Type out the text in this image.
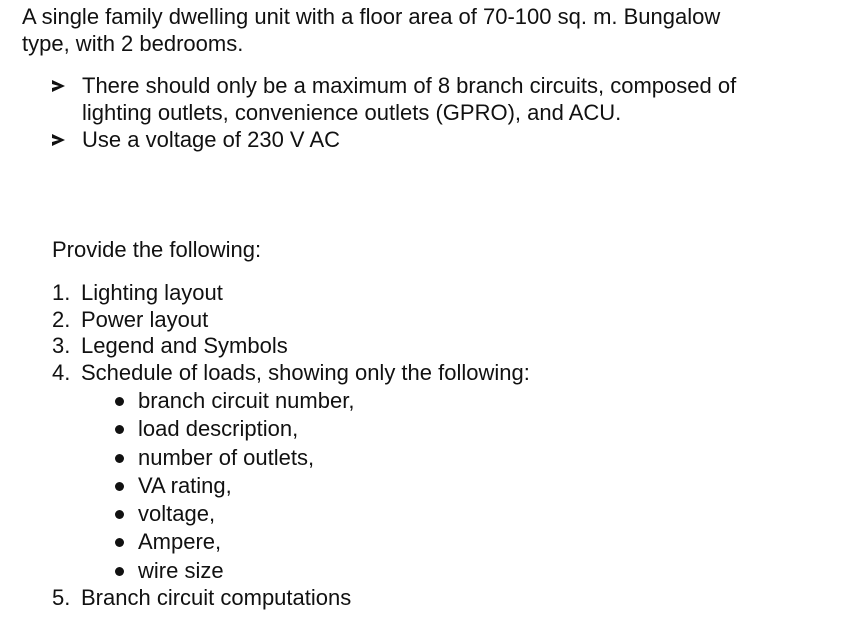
A single family dwelling unit with a floor area of 70-100 sq. m. Bungalow
type, with 2 bedrooms.

There should only be a maximum of 8 branch circuits, composed of
lighting outlets, convenience outlets (GPRO), and ACU.
Use a voltage of 230 V AC

Provide the following:

1. Lighting layout
2. Power layout
3. Legend and Symbols
4. Schedule of loads, showing only the following:
branch circuit number,
load description,
number of outlets,
VA rating,
voltage,
Ampere,
wire size
5. Branch circuit computations
